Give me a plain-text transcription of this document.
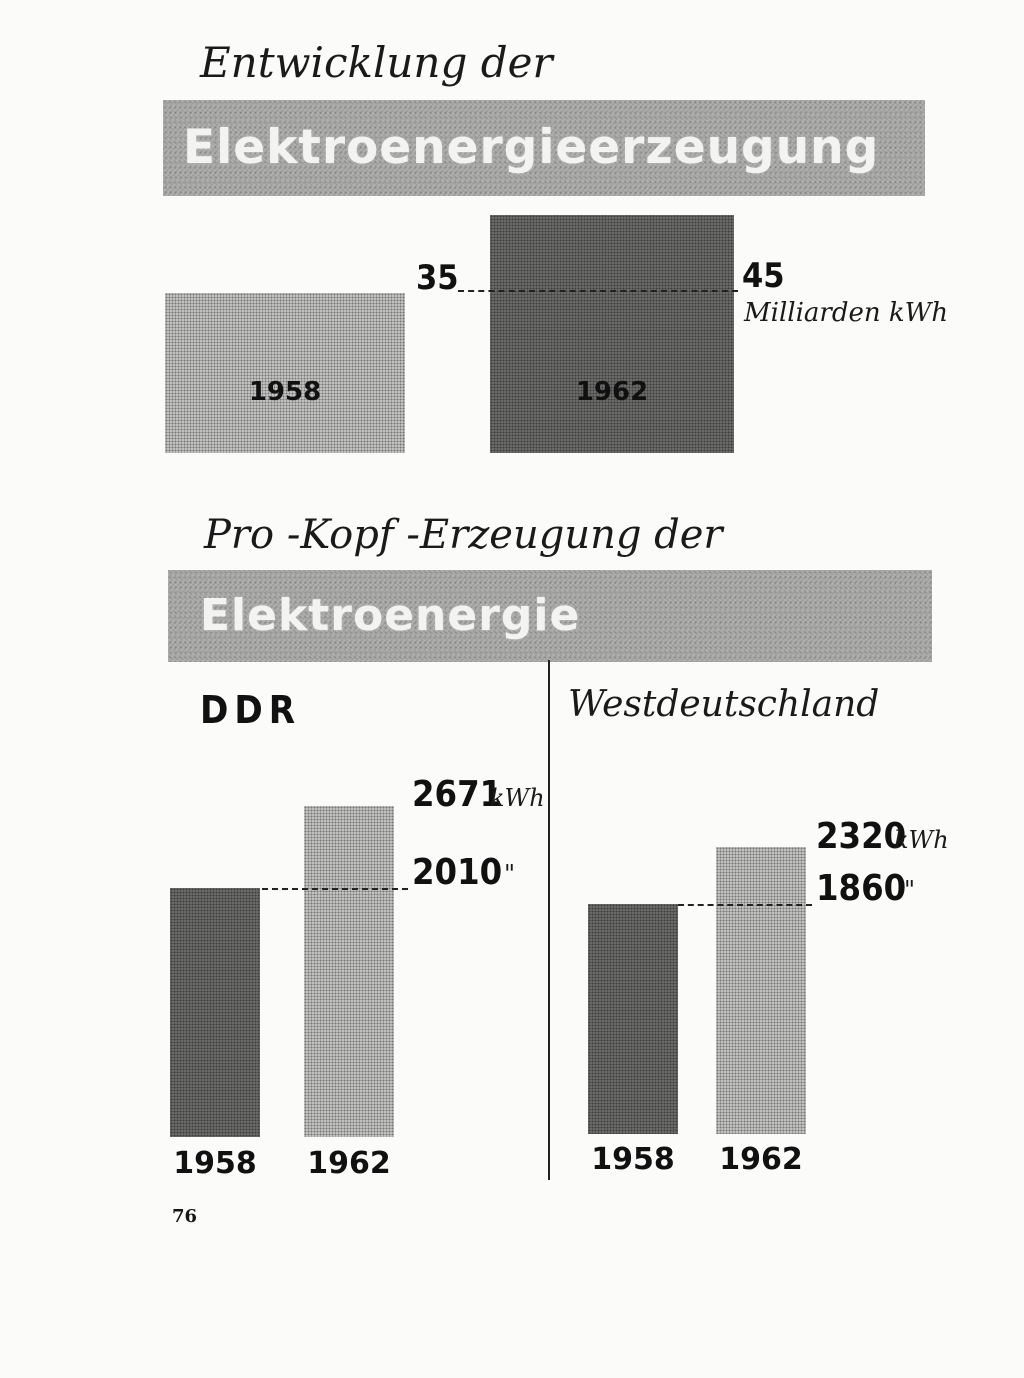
Entwicklung der
Elektroenergieerzeugung
1958	1962
35	45
Milliarden kWh
Pro -Kopf -Erzeugung der
Elektroenergie
DDR
2671
kWh
2010 "
1958	1962
Westdeutschland
2320
kWh
1860
"
1958	1962
76
